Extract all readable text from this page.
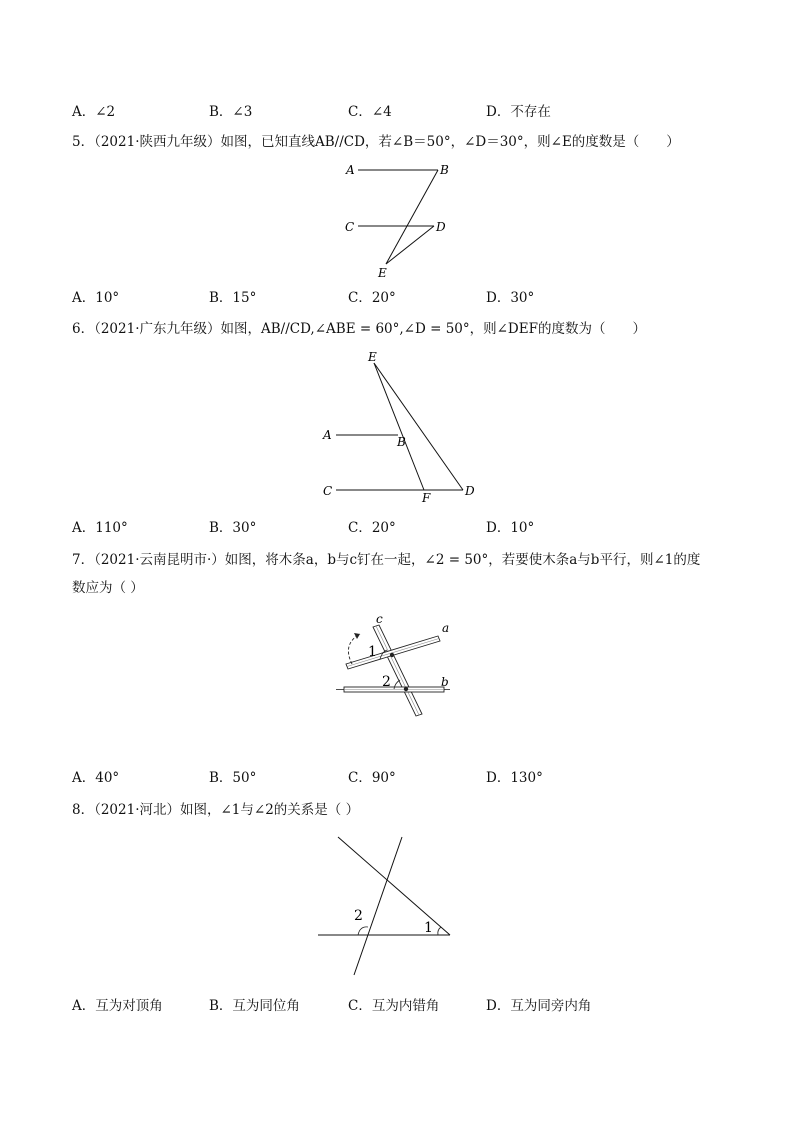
A．∠2	B．∠3	C．∠4	D．不存在
5．（2021·陕西九年级）如图，已知直线AB//CD，若∠B＝50°，∠D＝30°，则∠E的度数是（　　）
A	B
C	D
E
A．10°	B．15°	C．20°	D．30°
6．（2021·广东九年级）如图，AB//CD,∠ABE = 60°,∠D = 50°，则∠DEF的度数为（　　）
E
A	B
C	F	D
A．110°	B．30°	C．20°	D．10°
7．（2021·云南昆明市·）如图，将木条a，b与c钉在一起，∠2 = 50°，若要使木条a与b平行，则∠1的度
数应为（ ）
c
a
b
1
2
A．40°	B．50°	C．90°	D．130°
8．（2021·河北）如图，∠1与∠2的关系是（ ）
2
1
A．互为对顶角	B．互为同位角	C．互为内错角	D．互为同旁内角
